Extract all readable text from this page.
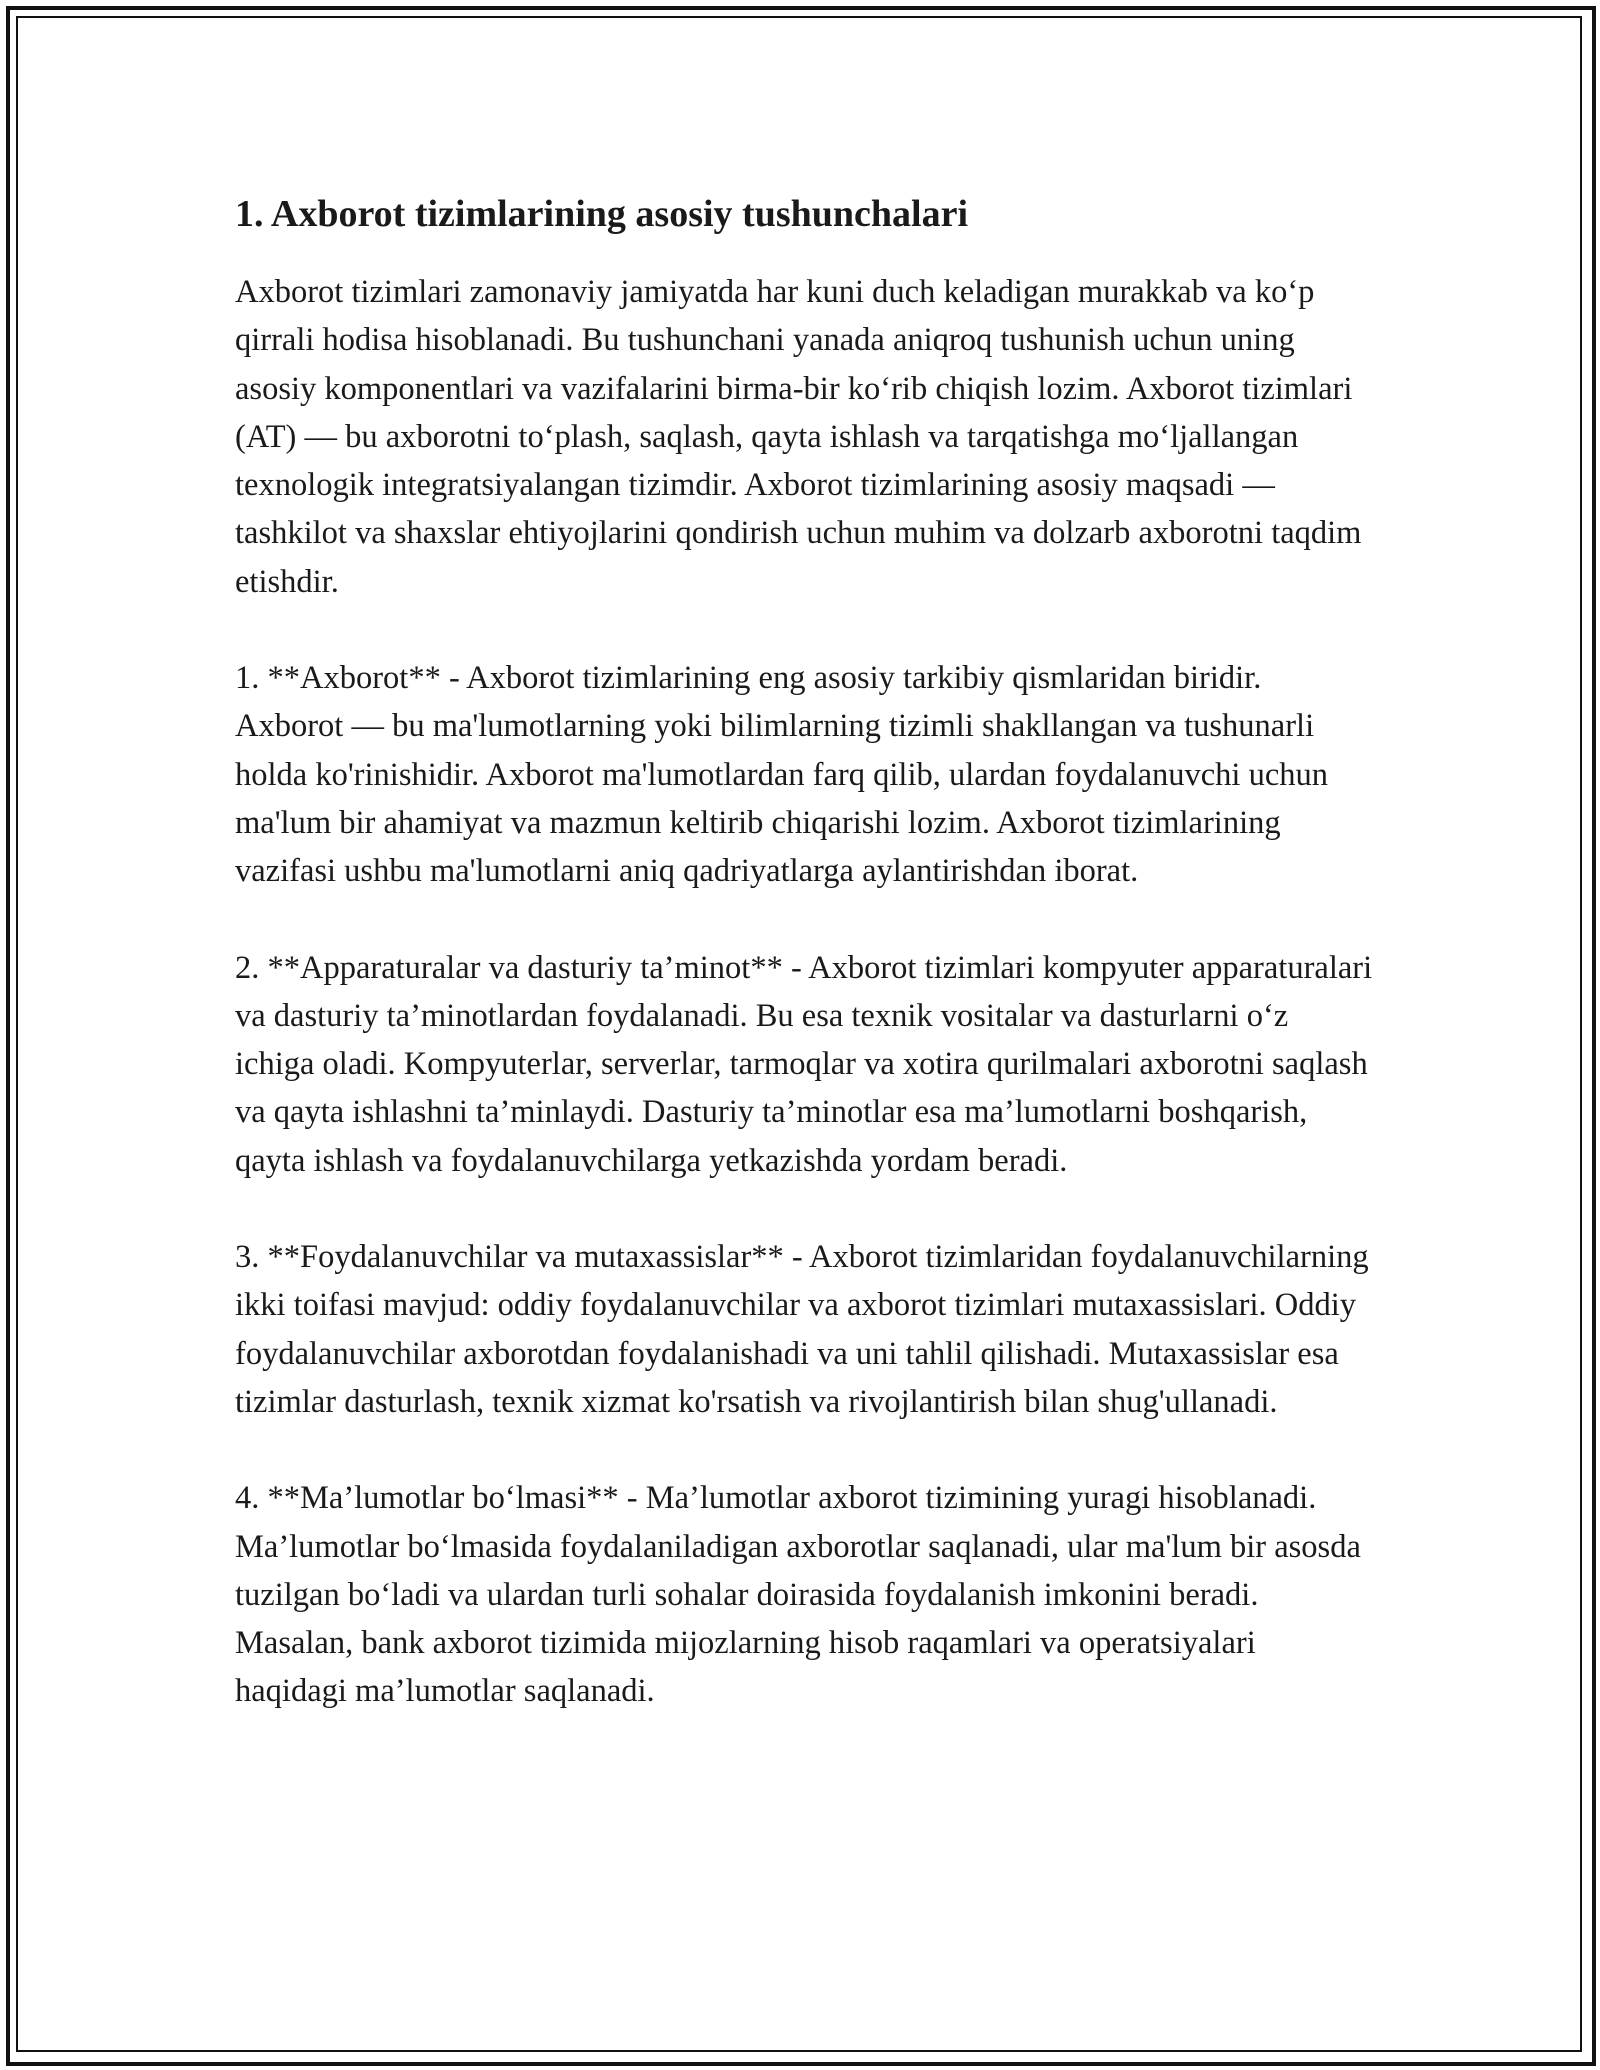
1. Axborot tizimlarining asosiy tushunchalari

Axborot tizimlari zamonaviy jamiyatda har kuni duch keladigan murakkab va ko‘p qirrali hodisa hisoblanadi. Bu tushunchani yanada aniqroq tushunish uchun uning asosiy komponentlari va vazifalarini birma-bir ko‘rib chiqish lozim. Axborot tizimlari (AT) — bu axborotni to‘plash, saqlash, qayta ishlash va tarqatishga mo‘ljallangan texnologik integratsiyalangan tizimdir. Axborot tizimlarining asosiy maqsadi — tashkilot va shaxslar ehtiyojlarini qondirish uchun muhim va dolzarb axborotni taqdim etishdir.

1. **Axborot** - Axborot tizimlarining eng asosiy tarkibiy qismlaridan biridir. Axborot — bu ma'lumotlarning yoki bilimlarning tizimli shakllangan va tushunarli holda ko'rinishidir. Axborot ma'lumotlardan farq qilib, ulardan foydalanuvchi uchun ma'lum bir ahamiyat va mazmun keltirib chiqarishi lozim. Axborot tizimlarining vazifasi ushbu ma'lumotlarni aniq qadriyatlarga aylantirishdan iborat.

2. **Apparaturalar va dasturiy ta’minot** - Axborot tizimlari kompyuter apparaturalari va dasturiy ta’minotlardan foydalanadi. Bu esa texnik vositalar va dasturlarni o‘z ichiga oladi. Kompyuterlar, serverlar, tarmoqlar va xotira qurilmalari axborotni saqlash va qayta ishlashni ta’minlaydi. Dasturiy ta’minotlar esa ma’lumotlarni boshqarish, qayta ishlash va foydalanuvchilarga yetkazishda yordam beradi.

3. **Foydalanuvchilar va mutaxassislar** - Axborot tizimlaridan foydalanuvchilarning ikki toifasi mavjud: oddiy foydalanuvchilar va axborot tizimlari mutaxassislari. Oddiy foydalanuvchilar axborotdan foydalanishadi va uni tahlil qilishadi. Mutaxassislar esa tizimlar dasturlash, texnik xizmat ko'rsatish va rivojlantirish bilan shug'ullanadi.

4. **Ma’lumotlar bo‘lmasi** - Ma’lumotlar axborot tizimining yuragi hisoblanadi. Ma’lumotlar bo‘lmasida foydalaniladigan axborotlar saqlanadi, ular ma'lum bir asosda tuzilgan bo‘ladi va ulardan turli sohalar doirasida foydalanish imkonini beradi. Masalan, bank axborot tizimida mijozlarning hisob raqamlari va operatsiyalari haqidagi ma’lumotlar saqlanadi.
